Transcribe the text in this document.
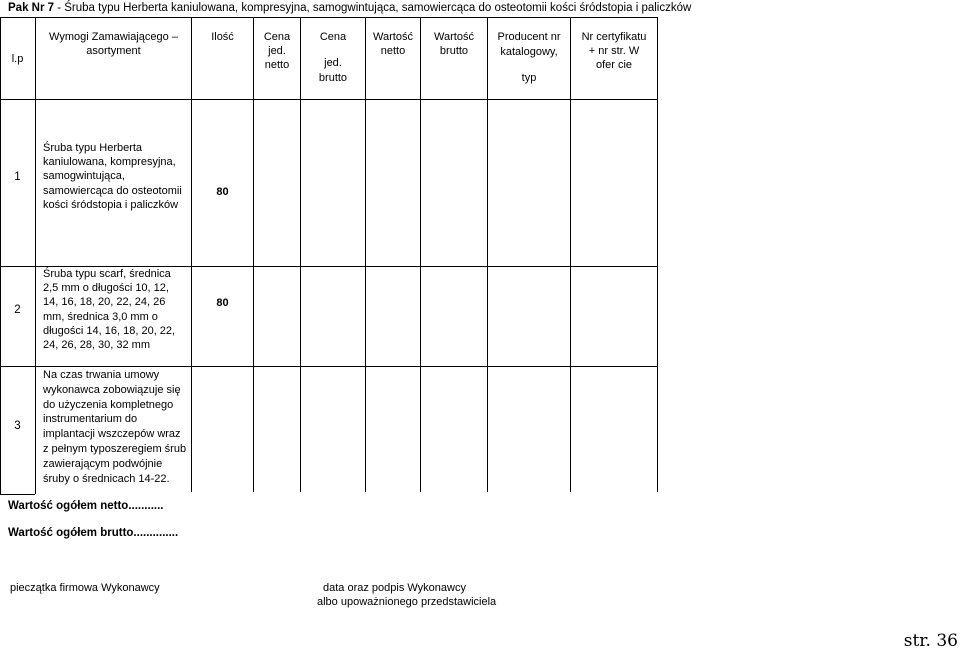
Pak Nr 7 - Śruba typu Herberta kaniulowana, kompresyjna, samogwintująca, samowiercąca do osteotomii kości śródstopia i paliczków
l.p
Wymogi Zamawiającego –
asortyment
Ilość	Cena
jed.
netto
Cena
jed.
brutto
Wartość
netto
Wartość
brutto
Producent nr
katalogowy,
typ
Nr certyfikatu
+ nr str. W
ofer cie
1
Śruba typu Herberta
kaniulowana, kompresyjna,
samogwintująca,
samowiercąca do osteotomii
kości śródstopia i paliczków
80
2
Śruba typu scarf, średnica
2,5 mm o długości 10, 12,
14, 16, 18, 20, 22, 24, 26
mm, średnica 3,0 mm o
długości 14, 16, 18, 20, 22,
24, 26, 28, 30, 32 mm
80
3
Na czas trwania umowy
wykonawca zobowiązuje się
do użyczenia kompletnego
instrumentarium do
implantacji wszczepów wraz
z pełnym typoszeregiem śrub
zawierającym podwójnie
śruby o średnicach 14-22.
Wartość ogółem netto...........
Wartość ogółem brutto..............
pieczątka firmowa Wykonawcy	data oraz podpis Wykonawcy
albo upoważnionego przedstawiciela
str. 36
